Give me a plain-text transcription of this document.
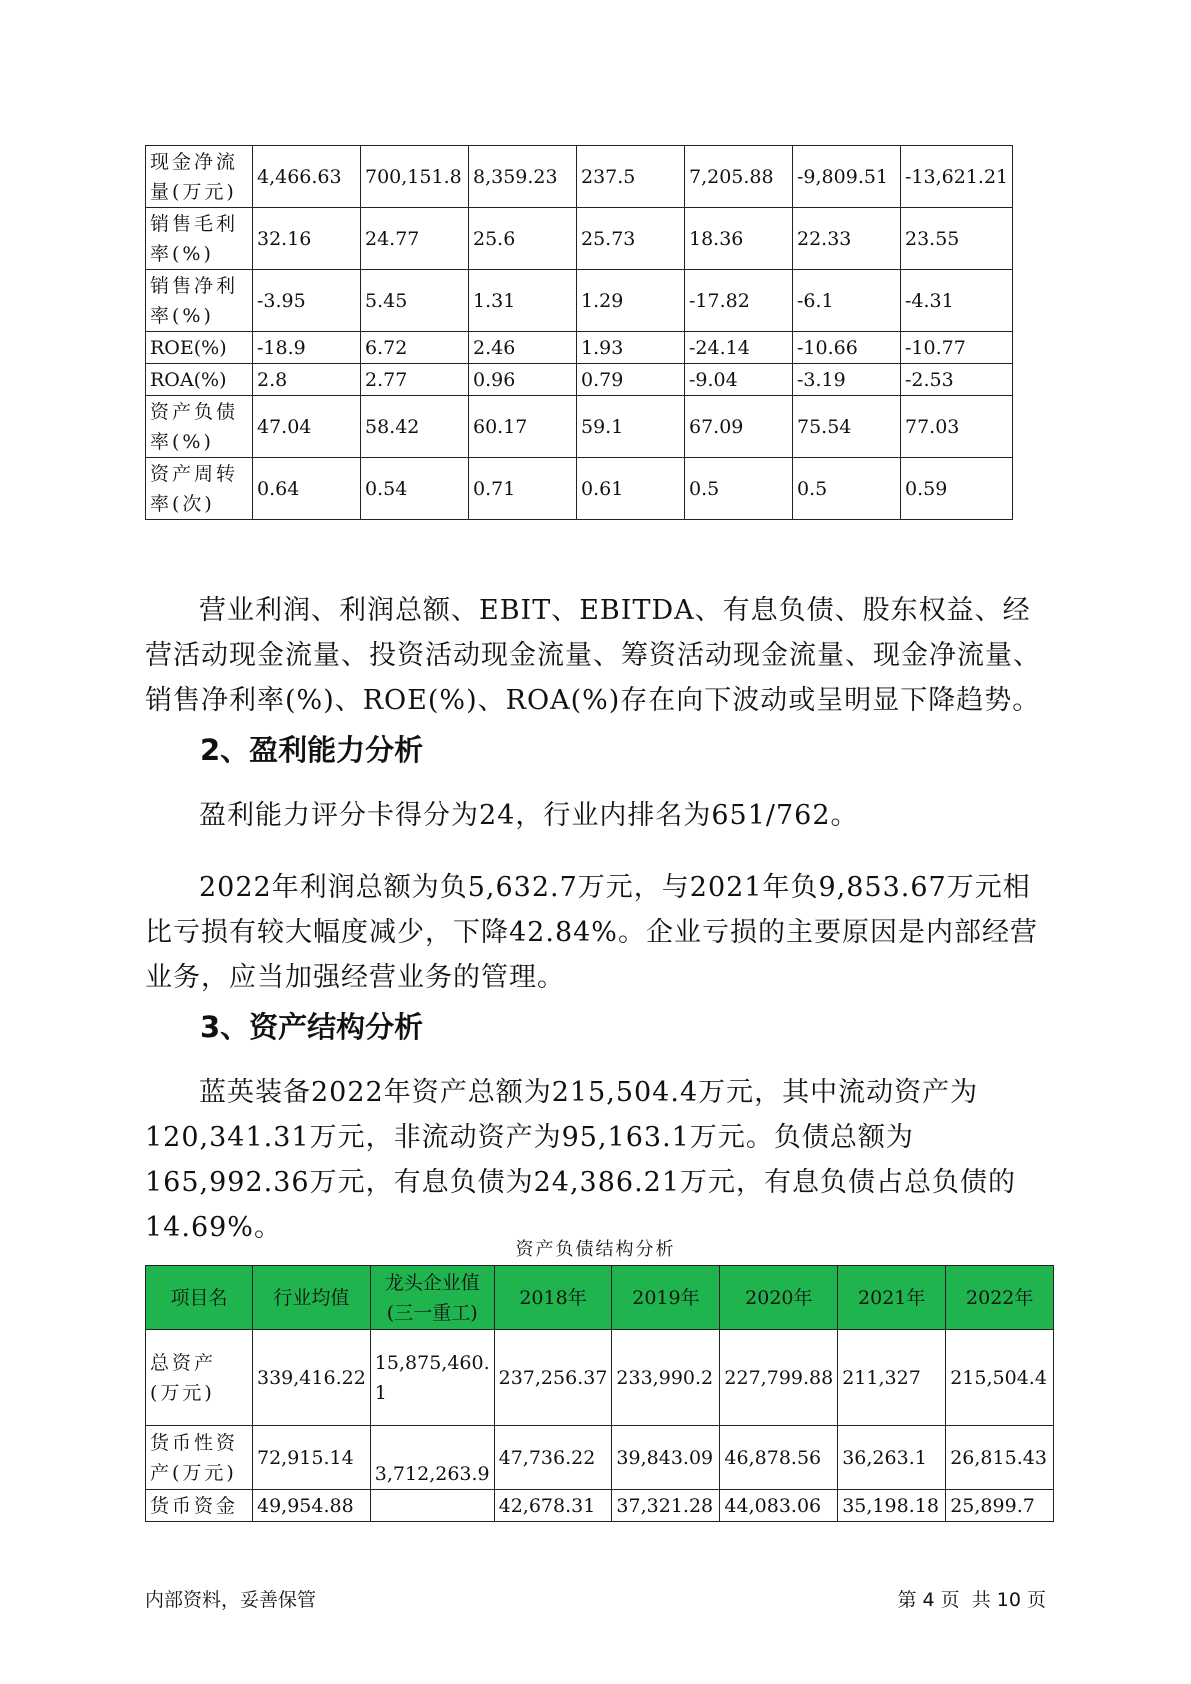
现金净流量(万元)	4,466.63	700,151.8	8,359.23	237.5	7,205.88	-9,809.51	-13,621.21
销售毛利率(%)	32.16	24.77	25.6	25.73	18.36	22.33	23.55
销售净利率(%)	-3.95	5.45	1.31	1.29	-17.82	-6.1	-4.31
ROE(%)	-18.9	6.72	2.46	1.93	-24.14	-10.66	-10.77
ROA(%)	2.8	2.77	0.96	0.79	-9.04	-3.19	-2.53
资产负债率(%)	47.04	58.42	60.17	59.1	67.09	75.54	77.03
资产周转率(次)	0.64	0.54	0.71	0.61	0.5	0.5	0.59

营业利润、利润总额、EBIT、EBITDA、有息负债、股东权益、经营活动现金流量、投资活动现金流量、筹资活动现金流量、现金净流量、销售净利率(%)、ROE(%)、ROA(%)存在向下波动或呈明显下降趋势。

2、盈利能力分析

盈利能力评分卡得分为24，行业内排名为651/762。

2022年利润总额为负5,632.7万元，与2021年负9,853.67万元相比亏损有较大幅度减少，下降42.84%。企业亏损的主要原因是内部经营业务，应当加强经营业务的管理。

3、资产结构分析

蓝英装备2022年资产总额为215,504.4万元，其中流动资产为120,341.31万元，非流动资产为95,163.1万元。负债总额为165,992.36万元，有息负债为24,386.21万元，有息负债占总负债的14.69%。

资产负债结构分析
项目名	行业均值	龙头企业值(三一重工)	2018年	2019年	2020年	2021年	2022年
总资产(万元)	339,416.22	15,875,460.1	237,256.37	233,990.2	227,799.88	211,327	215,504.4
货币性资产(万元)	72,915.14	3,712,263.9	47,736.22	39,843.09	46,878.56	36,263.1	26,815.43
货币资金	49,954.88		42,678.31	37,321.28	44,083.06	35,198.18	25,899.7
内部资料，妥善保管	第 4 页  共 10 页
